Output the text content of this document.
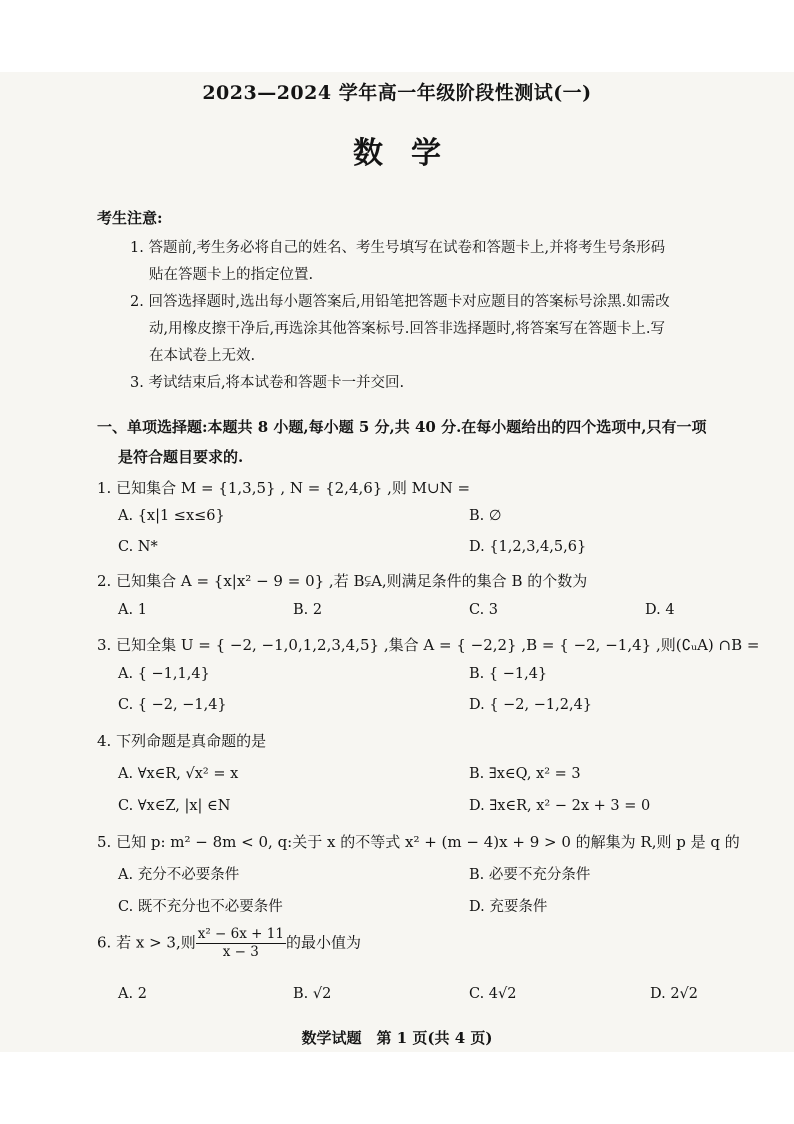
2023—2024 学年高一年级阶段性测试(一)
数学
考生注意:
1. 答题前,考生务必将自己的姓名、考生号填写在试卷和答题卡上,并将考生号条形码
贴在答题卡上的指定位置.
2. 回答选择题时,选出每小题答案后,用铅笔把答题卡对应题目的答案标号涂黑.如需改
动,用橡皮擦干净后,再选涂其他答案标号.回答非选择题时,将答案写在答题卡上.写
在本试卷上无效.
3. 考试结束后,将本试卷和答题卡一并交回.
一、单项选择题:本题共 8 小题,每小题 5 分,共 40 分.在每小题给出的四个选项中,只有一项
是符合题目要求的.
1. 已知集合 M = {1,3,5} , N = {2,4,6} ,则 M∪N =
A. {x|1 ≤x≤6}	B. ∅
C. N*	D. {1,2,3,4,5,6}
2. 已知集合 A = {x|x² − 9 = 0} ,若 B⫋A,则满足条件的集合 B 的个数为
A. 1	B. 2	C. 3	D. 4
3. 已知全集 U = { −2, −1,0,1,2,3,4,5} ,集合 A = { −2,2} ,B = { −2, −1,4} ,则(∁ᵤA) ∩B =
A. { −1,1,4}	B. { −1,4}
C. { −2, −1,4}	D. { −2, −1,2,4}
4. 下列命题是真命题的是
A. ∀x∈R, √x² = x	B. ∃x∈Q, x² = 3
C. ∀x∈Z, |x| ∈N	D. ∃x∈R, x² − 2x + 3 = 0
5. 已知 p: m² − 8m < 0, q:关于 x 的不等式 x² + (m − 4)x + 9 > 0 的解集为 R,则 p 是 q 的
A. 充分不必要条件	B. 必要不充分条件
C. 既不充分也不必要条件	D. 充要条件
6. 若 x > 3,则 $\frac{\text{x² − 6x + 11}}{x - 3}$ 的最小值为
A. 2	B. √2	C. 4√2	D. 2√2
数学试题　第 1 页(共 4 页)
